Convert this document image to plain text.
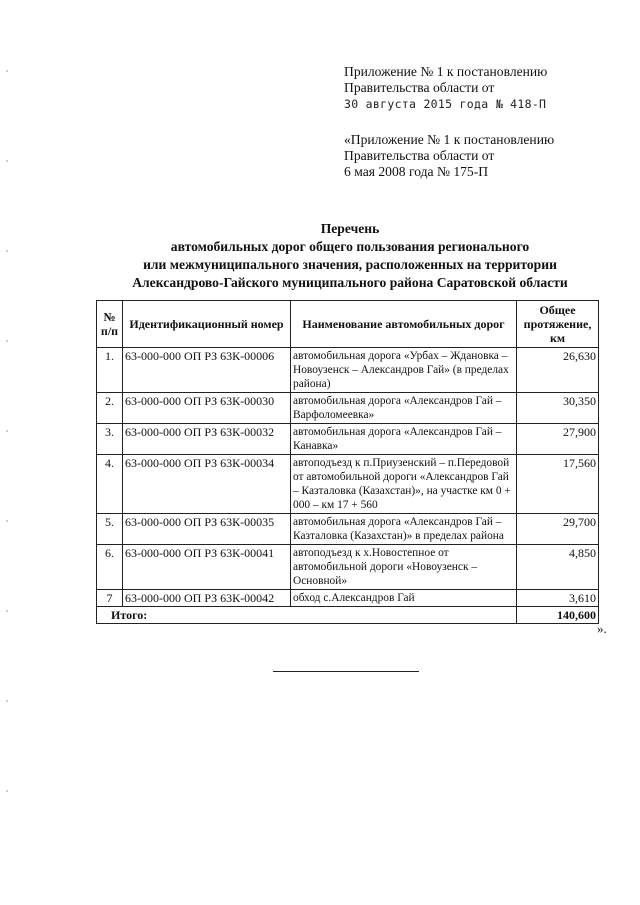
Приложение № 1 к постановлению
Правительства области от
30 августа 2015 года № 418-П
«Приложение № 1 к постановлению
Правительства области от
6 мая 2008 года № 175-П
Перечень
автомобильных дорог общего пользования регионального
или межмуниципального значения, расположенных на территории
Александрово-Гайского муниципального района Саратовской области
№ п/п	Идентификационный номер	Наименование автомобильных дорог	Общее протяжение, км
1.	63-000-000 ОП РЗ 63К-00006	автомобильная дорога «Урбах – Ждановка – Новоузенск – Александров Гай» (в пределах района)	26,630
2.	63-000-000 ОП РЗ 63К-00030	автомобильная дорога «Александров Гай – Варфоломеевка»	30,350
3.	63-000-000 ОП РЗ 63К-00032	автомобильная дорога «Александров Гай – Канавка»	27,900
4.	63-000-000 ОП РЗ 63К-00034	автоподъезд к п.Приузенский – п.Передовой от автомобильной дороги «Александров Гай – Казталовка (Казахстан)», на участке км 0 + 000 – км 17 + 560	17,560
5.	63-000-000 ОП РЗ 63К-00035	автомобильная дорога «Александров Гай – Казталовка (Казахстан)» в пределах района	29,700
6.	63-000-000 ОП РЗ 63К-00041	автоподъезд к х.Новостепное от автомобильной дороги «Новоузенск – Основной»	4,850
7	63-000-000 ОП РЗ 63К-00042	обход с.Александров Гай	3,610
Итого:			140,600
».
